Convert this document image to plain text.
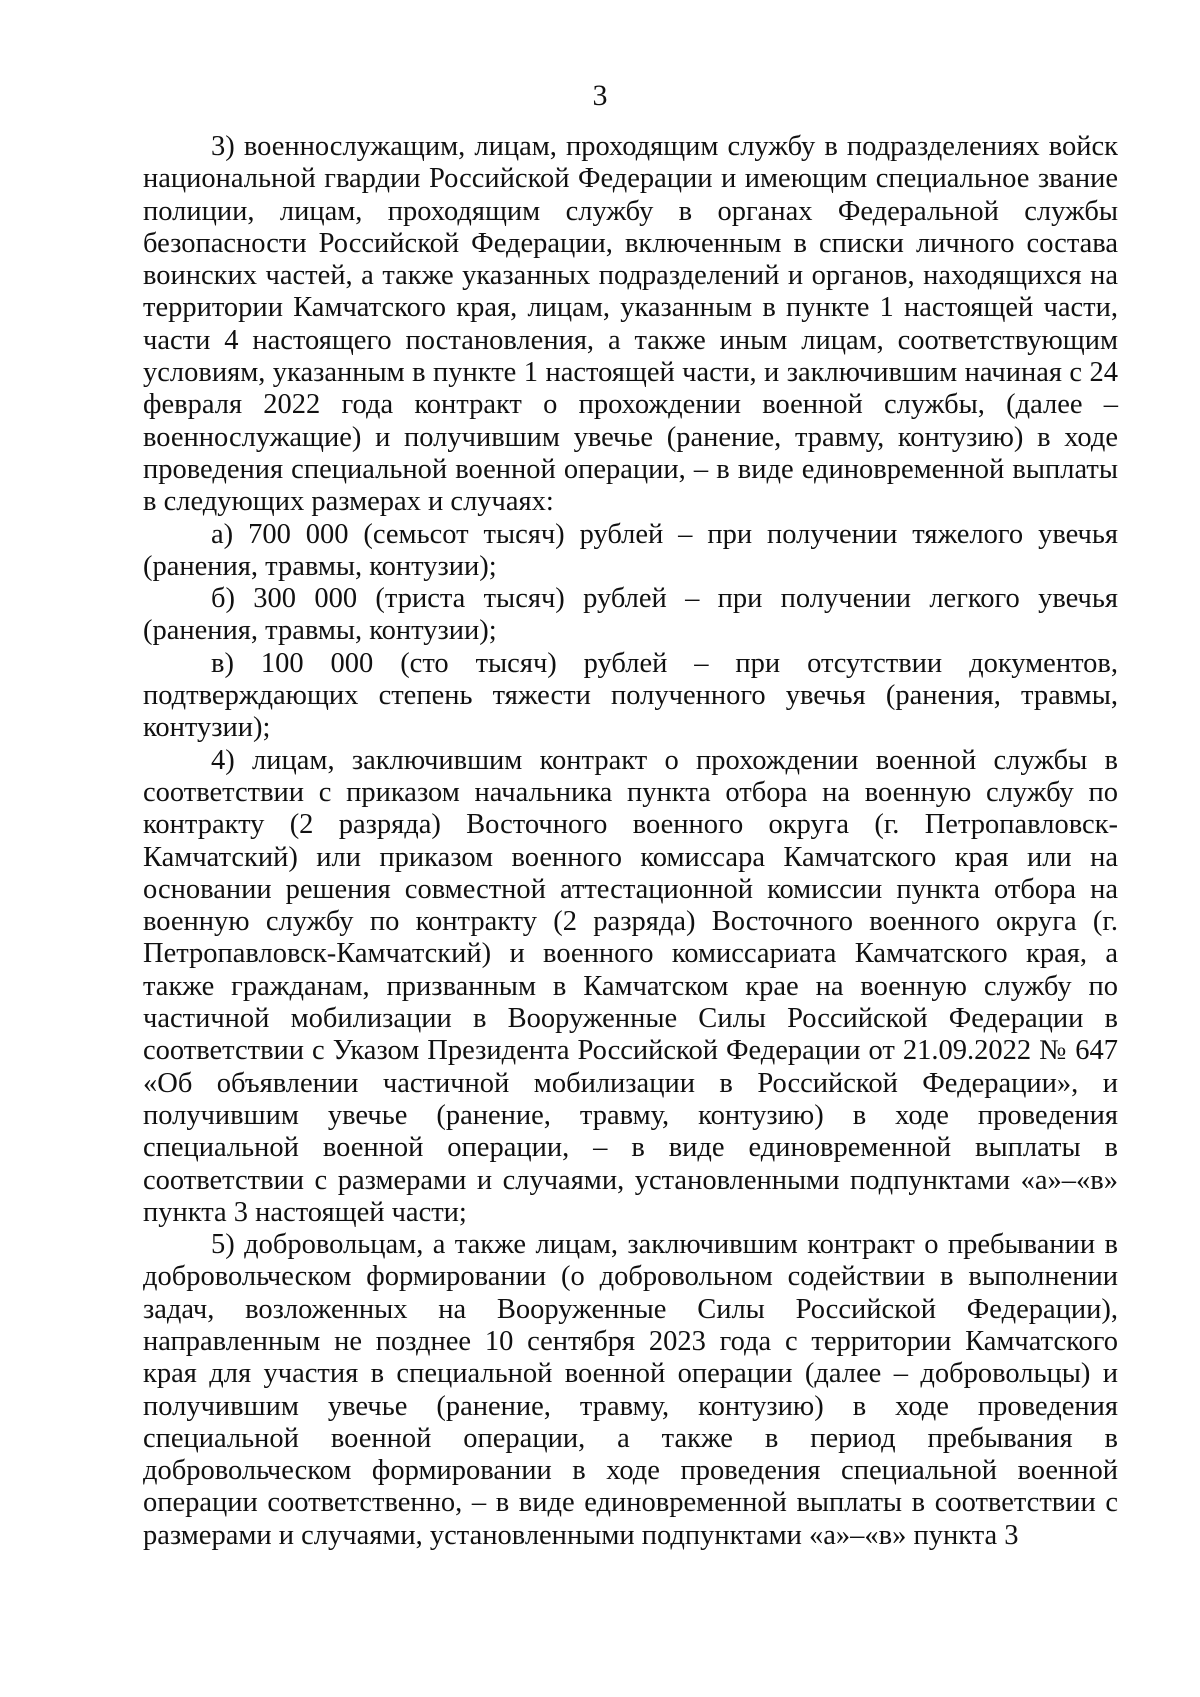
3

3) военнослужащим, лицам, проходящим службу в подразделениях войск национальной гвардии Российской Федерации и имеющим специальное звание полиции, лицам, проходящим службу в органах Федеральной службы безопасности Российской Федерации, включенным в списки личного состава воинских частей, а также указанных подразделений и органов, находящихся на территории Камчатского края, лицам, указанным в пункте 1 настоящей части, части 4 настоящего постановления, а также иным лицам, соответствующим условиям, указанным в пункте 1 настоящей части, и заключившим начиная с 24 февраля 2022 года контракт о прохождении военной службы, (далее – военнослужащие) и получившим увечье (ранение, травму, контузию) в ходе проведения специальной военной операции, – в виде единовременной выплаты в следующих размерах и случаях:

а) 700 000 (семьсот тысяч) рублей – при получении тяжелого увечья (ранения, травмы, контузии);

б) 300 000 (триста тысяч) рублей – при получении легкого увечья (ранения, травмы, контузии);

в) 100 000 (сто тысяч) рублей – при отсутствии документов, подтверждающих степень тяжести полученного увечья (ранения, травмы, контузии);

4) лицам, заключившим контракт о прохождении военной службы в соответствии с приказом начальника пункта отбора на военную службу по контракту (2 разряда) Восточного военного округа (г. Петропавловск-Камчатский) или приказом военного комиссара Камчатского края или на основании решения совместной аттестационной комиссии пункта отбора на военную службу по контракту (2 разряда) Восточного военного округа (г. Петропавловск-Камчатский) и военного комиссариата Камчатского края, а также гражданам, призванным в Камчатском крае на военную службу по частичной мобилизации в Вооруженные Силы Российской Федерации в соответствии с Указом Президента Российской Федерации от 21.09.2022 № 647 «Об объявлении частичной мобилизации в Российской Федерации», и получившим увечье (ранение, травму, контузию) в ходе проведения специальной военной операции, – в виде единовременной выплаты в соответствии с размерами и случаями, установленными подпунктами «а»–«в» пункта 3 настоящей части;

5) добровольцам, а также лицам, заключившим контракт о пребывании в добровольческом формировании (о добровольном содействии в выполнении задач, возложенных на Вооруженные Силы Российской Федерации), направленным не позднее 10 сентября 2023 года с территории Камчатского края для участия в специальной военной операции (далее – добровольцы) и получившим увечье (ранение, травму, контузию) в ходе проведения специальной военной операции, а также в период пребывания в добровольческом формировании в ходе проведения специальной военной операции соответственно, – в виде единовременной выплаты в соответствии с размерами и случаями, установленными подпунктами «а»–«в» пункта 3
